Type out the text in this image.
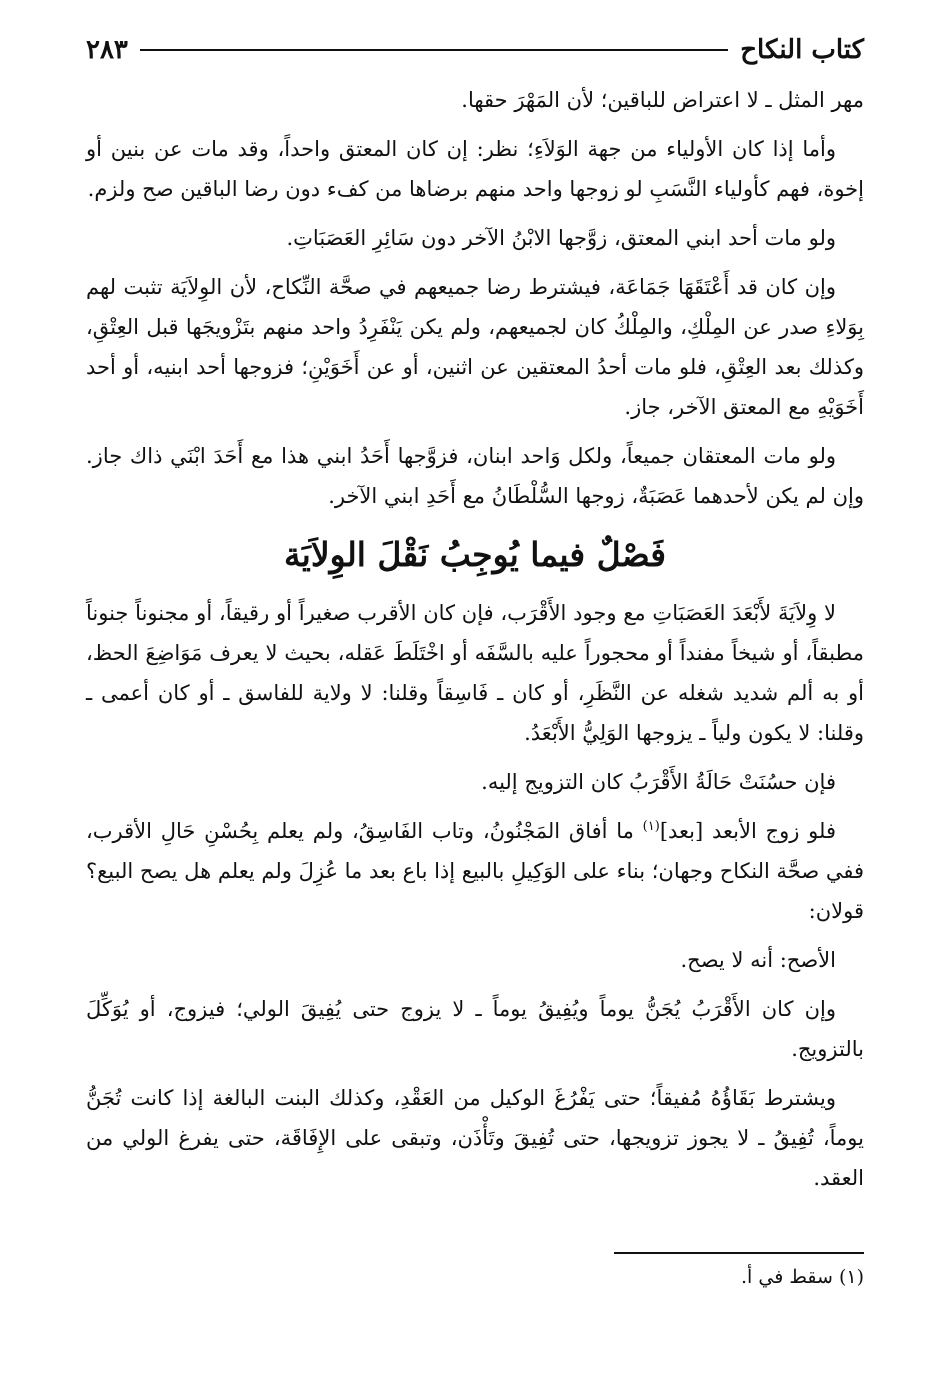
كتاب النكاح
٢٨٣

مهر المثل ـ لا اعتراض للباقين؛ لأن المَهْرَ حقها.

وأما إذا كان الأولياء من جهة الوَلاَءِ؛ نظر: إن كان المعتق واحداً، وقد مات عن بنين أو إخوة، فهم كأولياء النَّسَبِ لو زوجها واحد منهم برضاها من كفء دون رضا الباقين صح ولزم.

ولو مات أحد ابني المعتق، زوَّجها الابْنُ الآخر دون سَائِرِ العَصَبَاتِ.

وإن كان قد أَعْتَقَهَا جَمَاعَة، فيشترط رضا جميعهم في صحَّة النِّكاح، لأن الوِلاَيَة تثبت لهم بِوَلاءِ صدر عن المِلْكِ، والمِلْكُ كان لجميعهم، ولم يكن يَنْفَرِدُ واحد منهم بتَزْويجَها قبل العِتْقِ، وكذلك بعد العِتْقِ، فلو مات أحدُ المعتقين عن اثنين، أو عن أَخَوَيْنِ؛ فزوجها أحد ابنيه، أو أحد أَخَوَيْهِ مع المعتق الآخر، جاز.

ولو مات المعتقان جميعاً، ولكل وَاحد ابنان، فزوَّجها أَحَدُ ابني هذا مع أَحَدَ ابْنَي ذاك جاز. وإن لم يكن لأحدهما عَصَبَةٌ، زوجها السُّلْطَانُ مع أَحَدِ ابني الآخر.

فَصْلٌ فيما يُوجِبُ نَقْلَ الوِلاَيَة

لا وِلاَيَةَ لأَبْعَدَ العَصَبَاتِ مع وجود الأَقْرَب، فإن كان الأقرب صغيراً أو رقيقاً، أو مجنوناً جنوناً مطبقاً، أو شيخاً مفنداً أو محجوراً عليه بالسَّفَه أو اخْتَلَطَ عَقله، بحيث لا يعرف مَوَاضِعَ الحظ، أو به ألم شديد شغله عن النَّظَرِ، أو كان ـ فَاسِقاً وقلنا: لا ولاية للفاسق ـ أو كان أعمى ـ وقلنا: لا يكون ولياً ـ يزوجها الوَلِيُّ الأَبْعَدُ.

فإن حسُنَتْ حَالَةُ الأَقْرَبُ كان التزويج إليه.

فلو زوج الأبعد [بعد]$^{(١)}$ ما أفاق المَجْنُونُ، وتاب الفَاسِقُ، ولم يعلم بِحُسْنِ حَالِ الأقرب، ففي صحَّة النكاح وجهان؛ بناء على الوَكِيلِ بالبيع إذا باع بعد ما عُزِلَ ولم يعلم هل يصح البيع؟ قولان:

الأصح: أنه لا يصح.

وإن كان الأَقْرَبُ يُجَنُّ يوماً ويُفِيقُ يوماً ـ لا يزوج حتى يُفِيقَ الولي؛ فيزوج، أو يُوَكِّلَ بالتزويج.

ويشترط بَقَاؤُهُ مُفيقاً؛ حتى يَفْرُغَ الوكيل من العَقْدِ، وكذلك البنت البالغة إذا كانت تُجَنُّ يوماً، تُفِيقُ ـ لا يجوز تزويجها، حتى تُفِيقَ وتَأْذَن، وتبقى على الإِفَاقَة، حتى يفرغ الولي من العقد.

(١) سقط في أ.
